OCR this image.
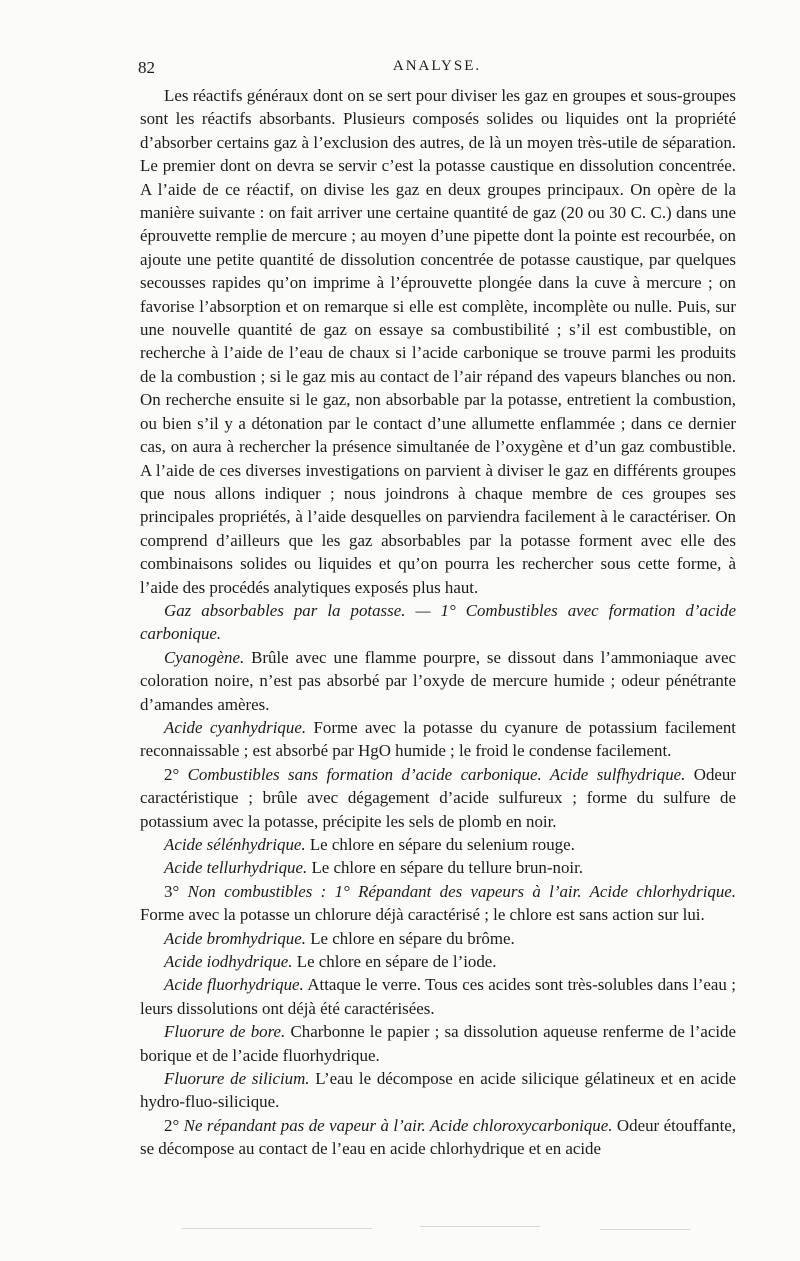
82	ANALYSE.

Les réactifs généraux dont on se sert pour diviser les gaz en groupes et sous-groupes sont les réactifs absorbants. Plusieurs composés solides ou liquides ont la propriété d’absorber certains gaz à l’exclusion des autres, de là un moyen très-utile de séparation. Le premier dont on devra se servir c’est la potasse caustique en dissolution concentrée. A l’aide de ce réactif, on divise les gaz en deux groupes principaux. On opère de la manière suivante : on fait arriver une certaine quantité de gaz (20 ou 30 C. C.) dans une éprouvette remplie de mercure ; au moyen d’une pipette dont la pointe est recourbée, on ajoute une petite quantité de dissolution concentrée de potasse caustique, par quelques secousses rapides qu’on imprime à l’éprouvette plongée dans la cuve à mercure ; on favorise l’absorption et on remarque si elle est complète, incomplète ou nulle. Puis, sur une nouvelle quantité de gaz on essaye sa combustibilité ; s’il est combustible, on recherche à l’aide de l’eau de chaux si l’acide carbonique se trouve parmi les produits de la combustion ; si le gaz mis au contact de l’air répand des vapeurs blanches ou non. On recherche ensuite si le gaz, non absorbable par la potasse, entretient la combustion, ou bien s’il y a détonation par le contact d’une allumette enflammée ; dans ce dernier cas, on aura à rechercher la présence simultanée de l’oxygène et d’un gaz combustible. A l’aide de ces diverses investigations on parvient à diviser le gaz en différents groupes que nous allons indiquer ; nous joindrons à chaque membre de ces groupes ses principales propriétés, à l’aide desquelles on parviendra facilement à le caractériser. On comprend d’ailleurs que les gaz absorbables par la potasse forment avec elle des combinaisons solides ou liquides et qu’on pourra les rechercher sous cette forme, à l’aide des procédés analytiques exposés plus haut.

Gaz absorbables par la potasse. — 1° Combustibles avec formation d’acide carbonique.

Cyanogène. Brûle avec une flamme pourpre, se dissout dans l’ammoniaque avec coloration noire, n’est pas absorbé par l’oxyde de mercure humide ; odeur pénétrante d’amandes amères.

Acide cyanhydrique. Forme avec la potasse du cyanure de potassium facilement reconnaissable ; est absorbé par HgO humide ; le froid le condense facilement.

2° Combustibles sans formation d’acide carbonique. Acide sulfhydrique. Odeur caractéristique ; brûle avec dégagement d’acide sulfureux ; forme du sulfure de potassium avec la potasse, précipite les sels de plomb en noir.

Acide sélénhydrique. Le chlore en sépare du selenium rouge.

Acide tellurhydrique. Le chlore en sépare du tellure brun-noir.

3° Non combustibles : 1° Répandant des vapeurs à l’air. Acide chlorhydrique. Forme avec la potasse un chlorure déjà caractérisé ; le chlore est sans action sur lui.

Acide bromhydrique. Le chlore en sépare du brôme.

Acide iodhydrique. Le chlore en sépare de l’iode.

Acide fluorhydrique. Attaque le verre. Tous ces acides sont très-solubles dans l’eau ; leurs dissolutions ont déjà été caractérisées.

Fluorure de bore. Charbonne le papier ; sa dissolution aqueuse renferme de l’acide borique et de l’acide fluorhydrique.

Fluorure de silicium. L’eau le décompose en acide silicique gélatineux et en acide hydro-fluo-silicique.

2° Ne répandant pas de vapeur à l’air. Acide chloroxycarbonique. Odeur étouffante, se décompose au contact de l’eau en acide chlorhydrique et en acide
